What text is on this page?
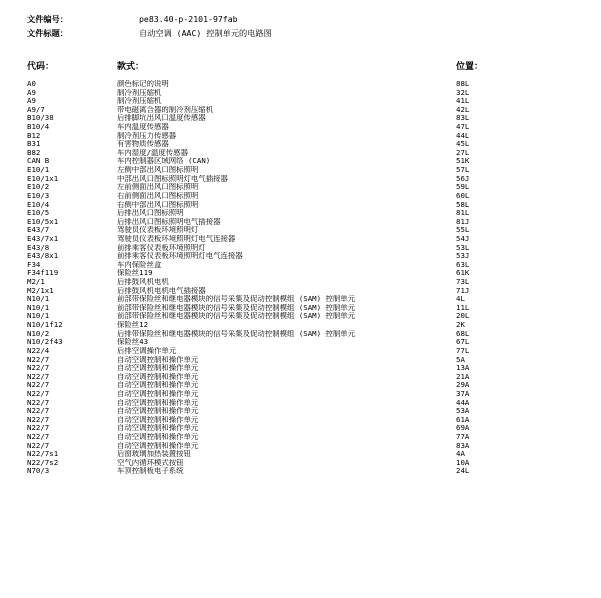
文件编号：	pe83.40-p-2101-97fab
文件标题：	自动空调 (AAC) 控制单元的电路图
代码：	款式：	位置：
A0	颜色标记的说明	88L
A9	制冷剂压缩机	32L
A9	制冷剂压缩机	41L
A9/7	带电磁离合器的制冷剂压缩机	42L
B10/38	后排脚坑出风口温度传感器	83L
B10/4	车内温度传感器	47L
B12	制冷剂压力传感器	44L
B31	有害物质传感器	45L
B82	车内湿度/温度传感器	27L
CAN B	车内控制器区域网络 (CAN)	51K
E10/1	左侧中部出风口图标照明	57L
E10/1x1	中部出风口图标照明灯电气插接器	56J
E10/2	左前侧面出风口图标照明	59L
E10/3	右前侧面出风口图标照明	60L
E10/4	右侧中部出风口图标照明	58L
E10/5	后排出风口图标照明	81L
E10/5x1	后排出风口图标照明电气插接器	81J
E43/7	驾驶员仪表板环境照明灯	55L
E43/7x1	驾驶员仪表板环境照明灯电气连接器	54J
E43/8	前排乘客仪表板环境照明灯	53L
E43/8x1	前排乘客仪表板环境照明灯电气连接器	53J
F34	车内保险丝盒	63L
F34f119	保险丝119	61K
M2/1	后排鼓风机电机	73L
M2/1x1	后排鼓风机电机电气插接器	71J
N10/1	前部带保险丝和继电器模块的信号采集及促动控制模组 (SAM) 控制单元	4L
N10/1	前部带保险丝和继电器模块的信号采集及促动控制模组 (SAM) 控制单元	11L
N10/1	前部带保险丝和继电器模块的信号采集及促动控制模组 (SAM) 控制单元	20L
N10/1f12	保险丝12	2K
N10/2	后排带保险丝和继电器模块的信号采集及促动控制模组 (SAM) 控制单元	68L
N10/2f43	保险丝43	67L
N22/4	后排空调操作单元	77L
N22/7	自动空调控制和操作单元	5A
N22/7	自动空调控制和操作单元	13A
N22/7	自动空调控制和操作单元	21A
N22/7	自动空调控制和操作单元	29A
N22/7	自动空调控制和操作单元	37A
N22/7	自动空调控制和操作单元	44A
N22/7	自动空调控制和操作单元	53A
N22/7	自动空调控制和操作单元	61A
N22/7	自动空调控制和操作单元	69A
N22/7	自动空调控制和操作单元	77A
N22/7	自动空调控制和操作单元	83A
N22/7s1	后窗玻璃加热装置按钮	4A
N22/7s2	空气内循环模式按钮	10A
N70/3	车顶控制板电子系统	24L
